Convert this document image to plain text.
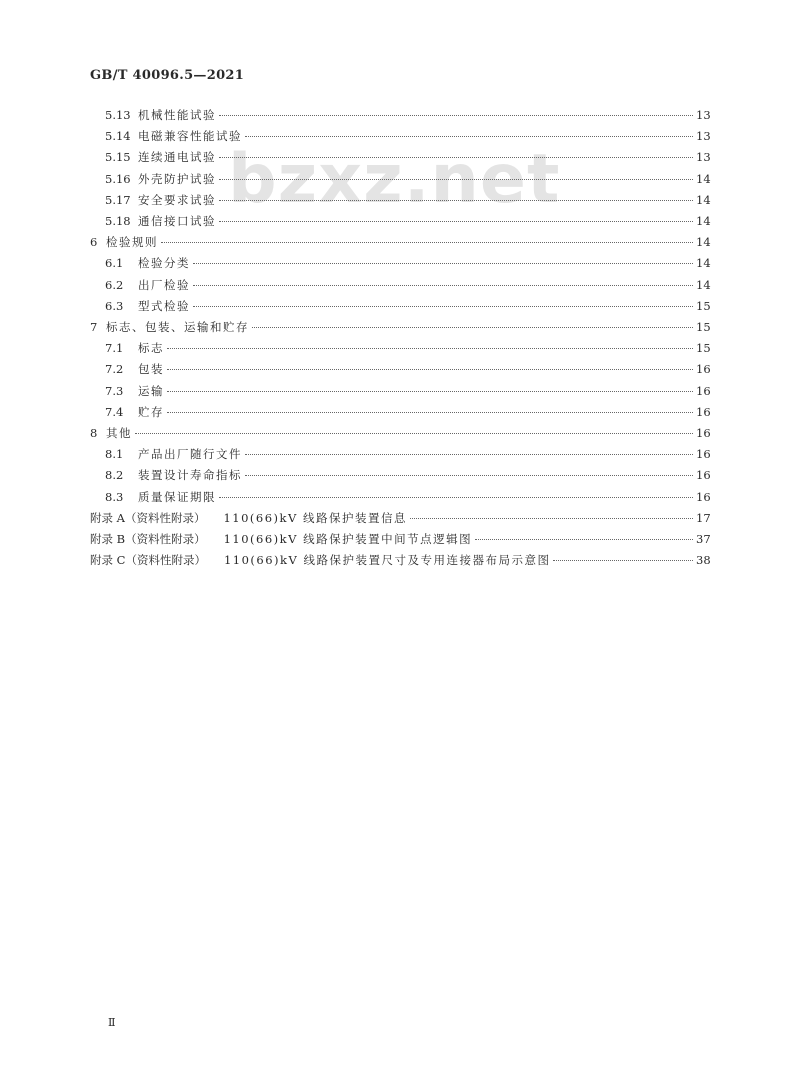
GB/T 40096.5—2021
bzxz.net
5.13 机械性能试验	13
5.14 电磁兼容性能试验	13
5.15 连续通电试验	13
5.16 外壳防护试验	14
5.17 安全要求试验	14
5.18 通信接口试验	14
6 检验规则	14
6.1	检验分类	14
6.2	出厂检验	14
6.3	型式检验	15
7 标志、包装、运输和贮存	15
7.1	标志	15
7.2	包装	16
7.3	运输	16
7.4	贮存	16
8 其他	16
8.1	产品出厂随行文件	16
8.2	装置设计寿命指标	16
8.3	质量保证期限	16
附录 A（资料性附录） 110(66)kV 线路保护装置信息	17
附录 B（资料性附录） 110(66)kV 线路保护装置中间节点逻辑图	37
附录 C（资料性附录） 110(66)kV 线路保护装置尺寸及专用连接器布局示意图	38
Ⅱ
